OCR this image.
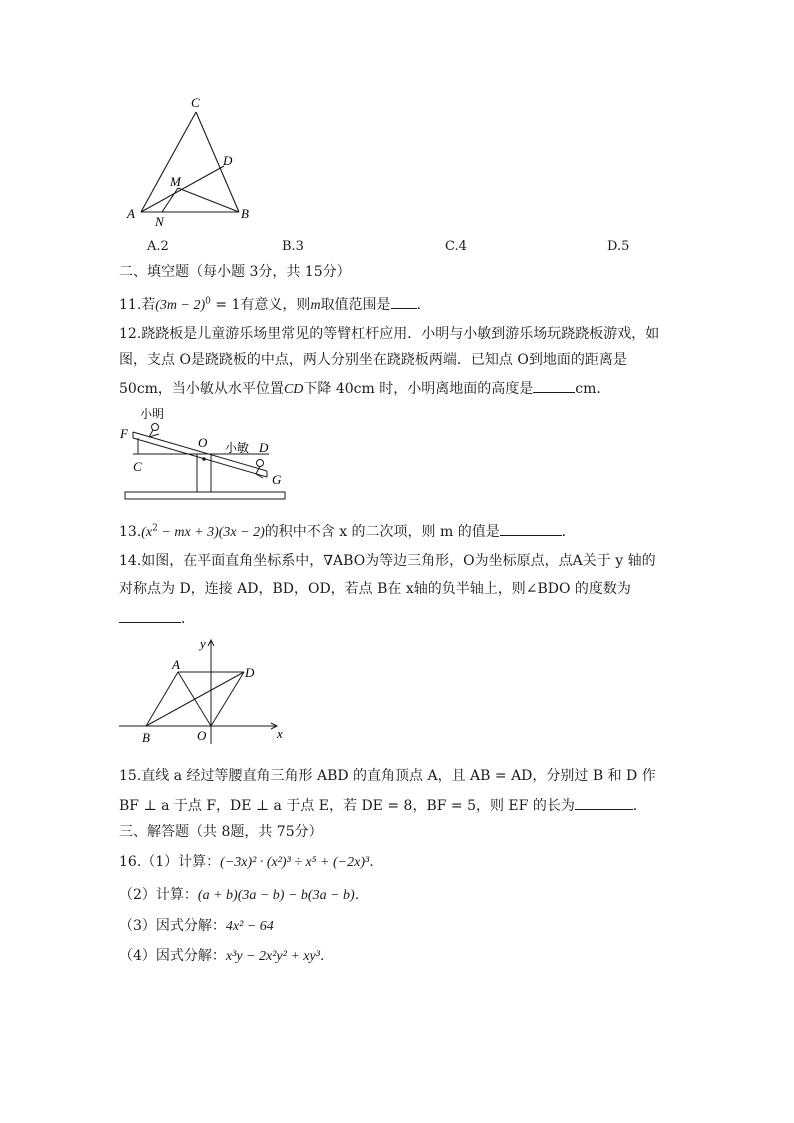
C
D
M
A
N
B
A.2	B.3	C.4	D.5
二、填空题（每小题 3分，共 15分）
11.若$(3m - 2)^0 = 1$有意义，则m取值范围是 .
12.跷跷板是儿童游乐场里常见的等臂杠杆应用．小明与小敏到游乐场玩跷跷板游戏，如
图，支点 O是跷跷板的中点，两人分别坐在跷跷板两端．已知点 O到地面的距离是
50cm，当小敏从水平位置CD下降 40cm 时，小明离地面的高度是	cm．
小明
小敏
F
C
O	D
G
$13.(x^2$ − mx + 3)(3x − 2)的积中不含 x 的二次项，则 m 的值是	．
14.如图，在平面直角坐标系中，∇ABO为等边三角形，O为坐标原点，点A关于 y 轴的
对称点为 D，连接 AD，BD，OD，若点 B在 x轴的负半轴上，则∠BDO 的度数为
．
y
x
A
D
B	O
15.直线 a 经过等腰直角三角形 ABD 的直角顶点 A，且 AB = AD，分别过 B 和 D 作
BF ⊥ a 于点 F，DE ⊥ a 于点 E，若 DE = 8，BF = 5，则 EF 的长为	．
三、解答题（共 8题，共 75分）
16.（1）计算：(−3x)² · (x²)³ ÷ x⁵ + (−2x)³．
（2）计算：(a + b)(3a − b) − b(3a − b)．
（3）因式分解：4x² − 64
（4）因式分解：x³y − 2x²y² + xy³．
